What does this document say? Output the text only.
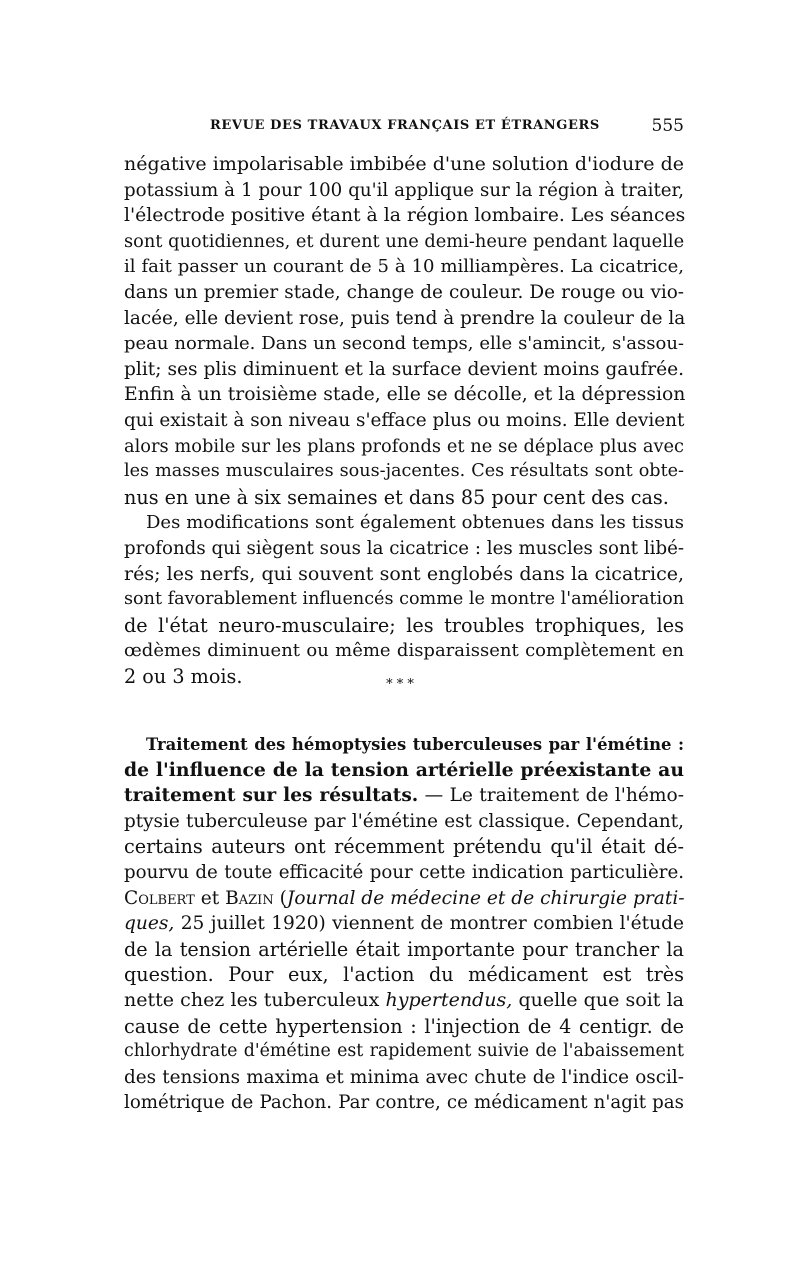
REVUE DES TRAVAUX FRANÇAIS ET ÉTRANGERS	555
négative impolarisable imbibée d'une solution d'iodure de
potassium à 1 pour 100 qu'il applique sur la région à traiter,
l'électrode positive étant à la région lombaire. Les séances
sont quotidiennes, et durent une demi-heure pendant laquelle
il fait passer un courant de 5 à 10 milliampères. La cicatrice,
dans un premier stade, change de couleur. De rouge ou vio-
lacée, elle devient rose, puis tend à prendre la couleur de la
peau normale. Dans un second temps, elle s'amincit, s'assou-
plit; ses plis diminuent et la surface devient moins gaufrée.
Enfin à un troisième stade, elle se décolle, et la dépression
qui existait à son niveau s'efface plus ou moins. Elle devient
alors mobile sur les plans profonds et ne se déplace plus avec
les masses musculaires sous-jacentes. Ces résultats sont obte-
nus en une à six semaines et dans 85 pour cent des cas.
Des modifications sont également obtenues dans les tissus
profonds qui siègent sous la cicatrice : les muscles sont libé-
rés; les nerfs, qui souvent sont englobés dans la cicatrice,
sont favorablement influencés comme le montre l'amélioration
de l'état neuro-musculaire; les troubles trophiques, les
œdèmes diminuent ou même disparaissent complètement en
2 ou 3 mois.	* * *
Traitement des hémoptysies tuberculeuses par l'émétine :
de l'influence de la tension artérielle préexistante au
traitement sur les résultats. — Le traitement de l'hémo-
ptysie tuberculeuse par l'émétine est classique. Cependant,
certains auteurs ont récemment prétendu qu'il était dé-
pourvu de toute efficacité pour cette indication particulière.
Colbert et Bazin (Journal de médecine et de chirurgie prati-
ques, 25 juillet 1920) viennent de montrer combien l'étude
de la tension artérielle était importante pour trancher la
question. Pour eux, l'action du médicament est très
nette chez les tuberculeux hypertendus, quelle que soit la
cause de cette hypertension : l'injection de 4 centigr. de
chlorhydrate d'émétine est rapidement suivie de l'abaissement
des tensions maxima et minima avec chute de l'indice oscil-
lométrique de Pachon. Par contre, ce médicament n'agit pas
